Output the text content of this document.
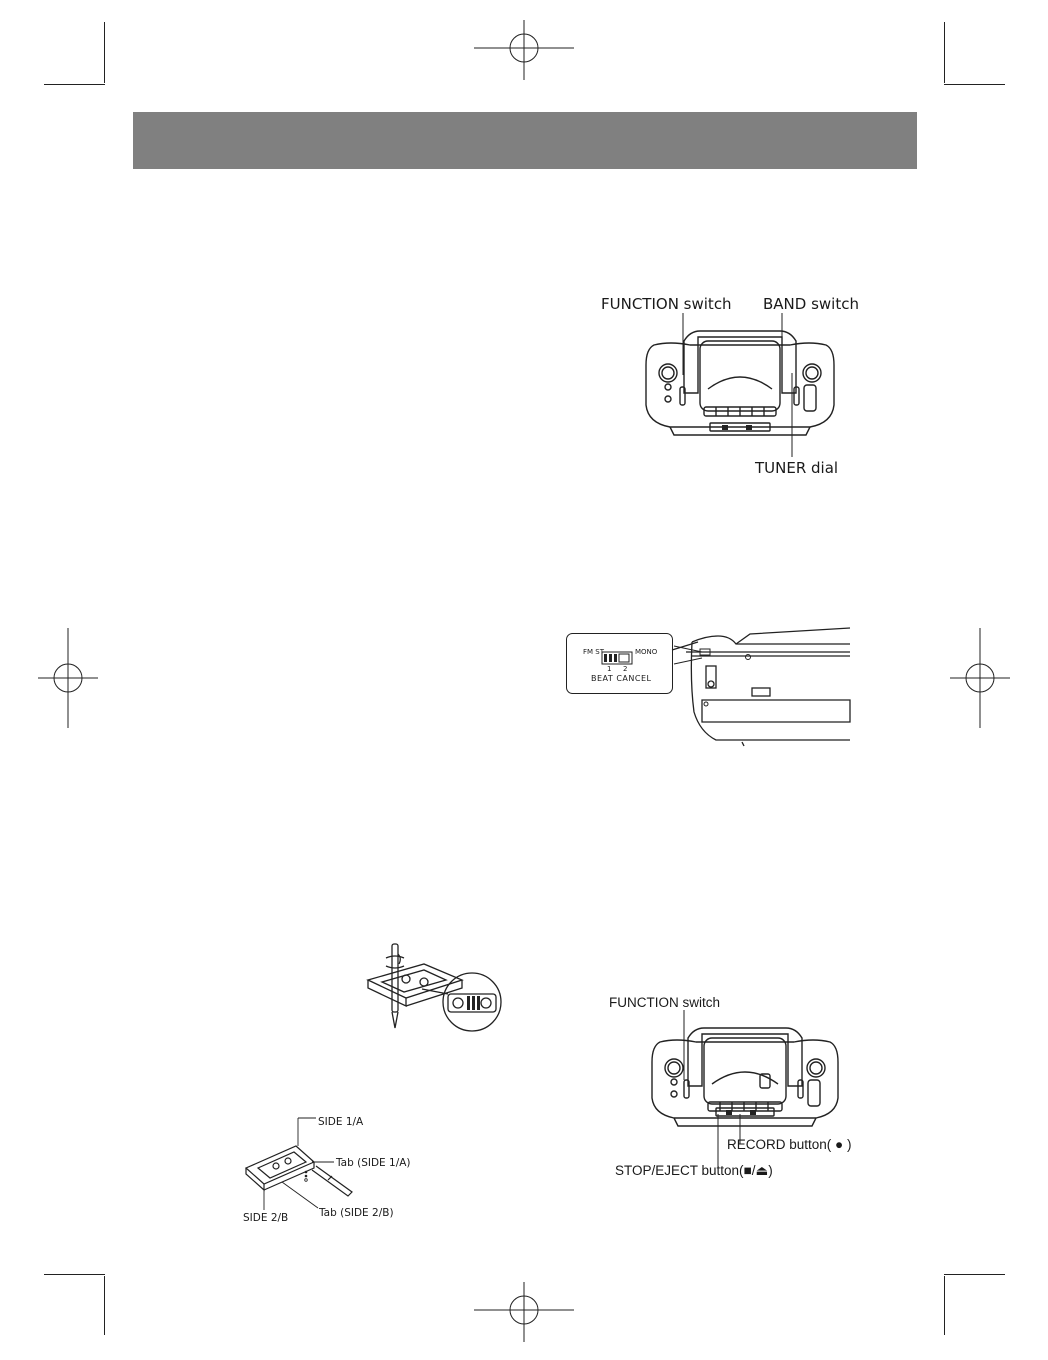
FUNCTION switch BAND switch
TUNER dial
FM ST	MONO
1 2
BEAT CANCEL
SIDE 1/A
Tab (SIDE 1/A)
SIDE 2/B	Tab (SIDE 2/B)
FUNCTION switch
RECORD button( ● )
STOP/EJECT button(■/⏏)
